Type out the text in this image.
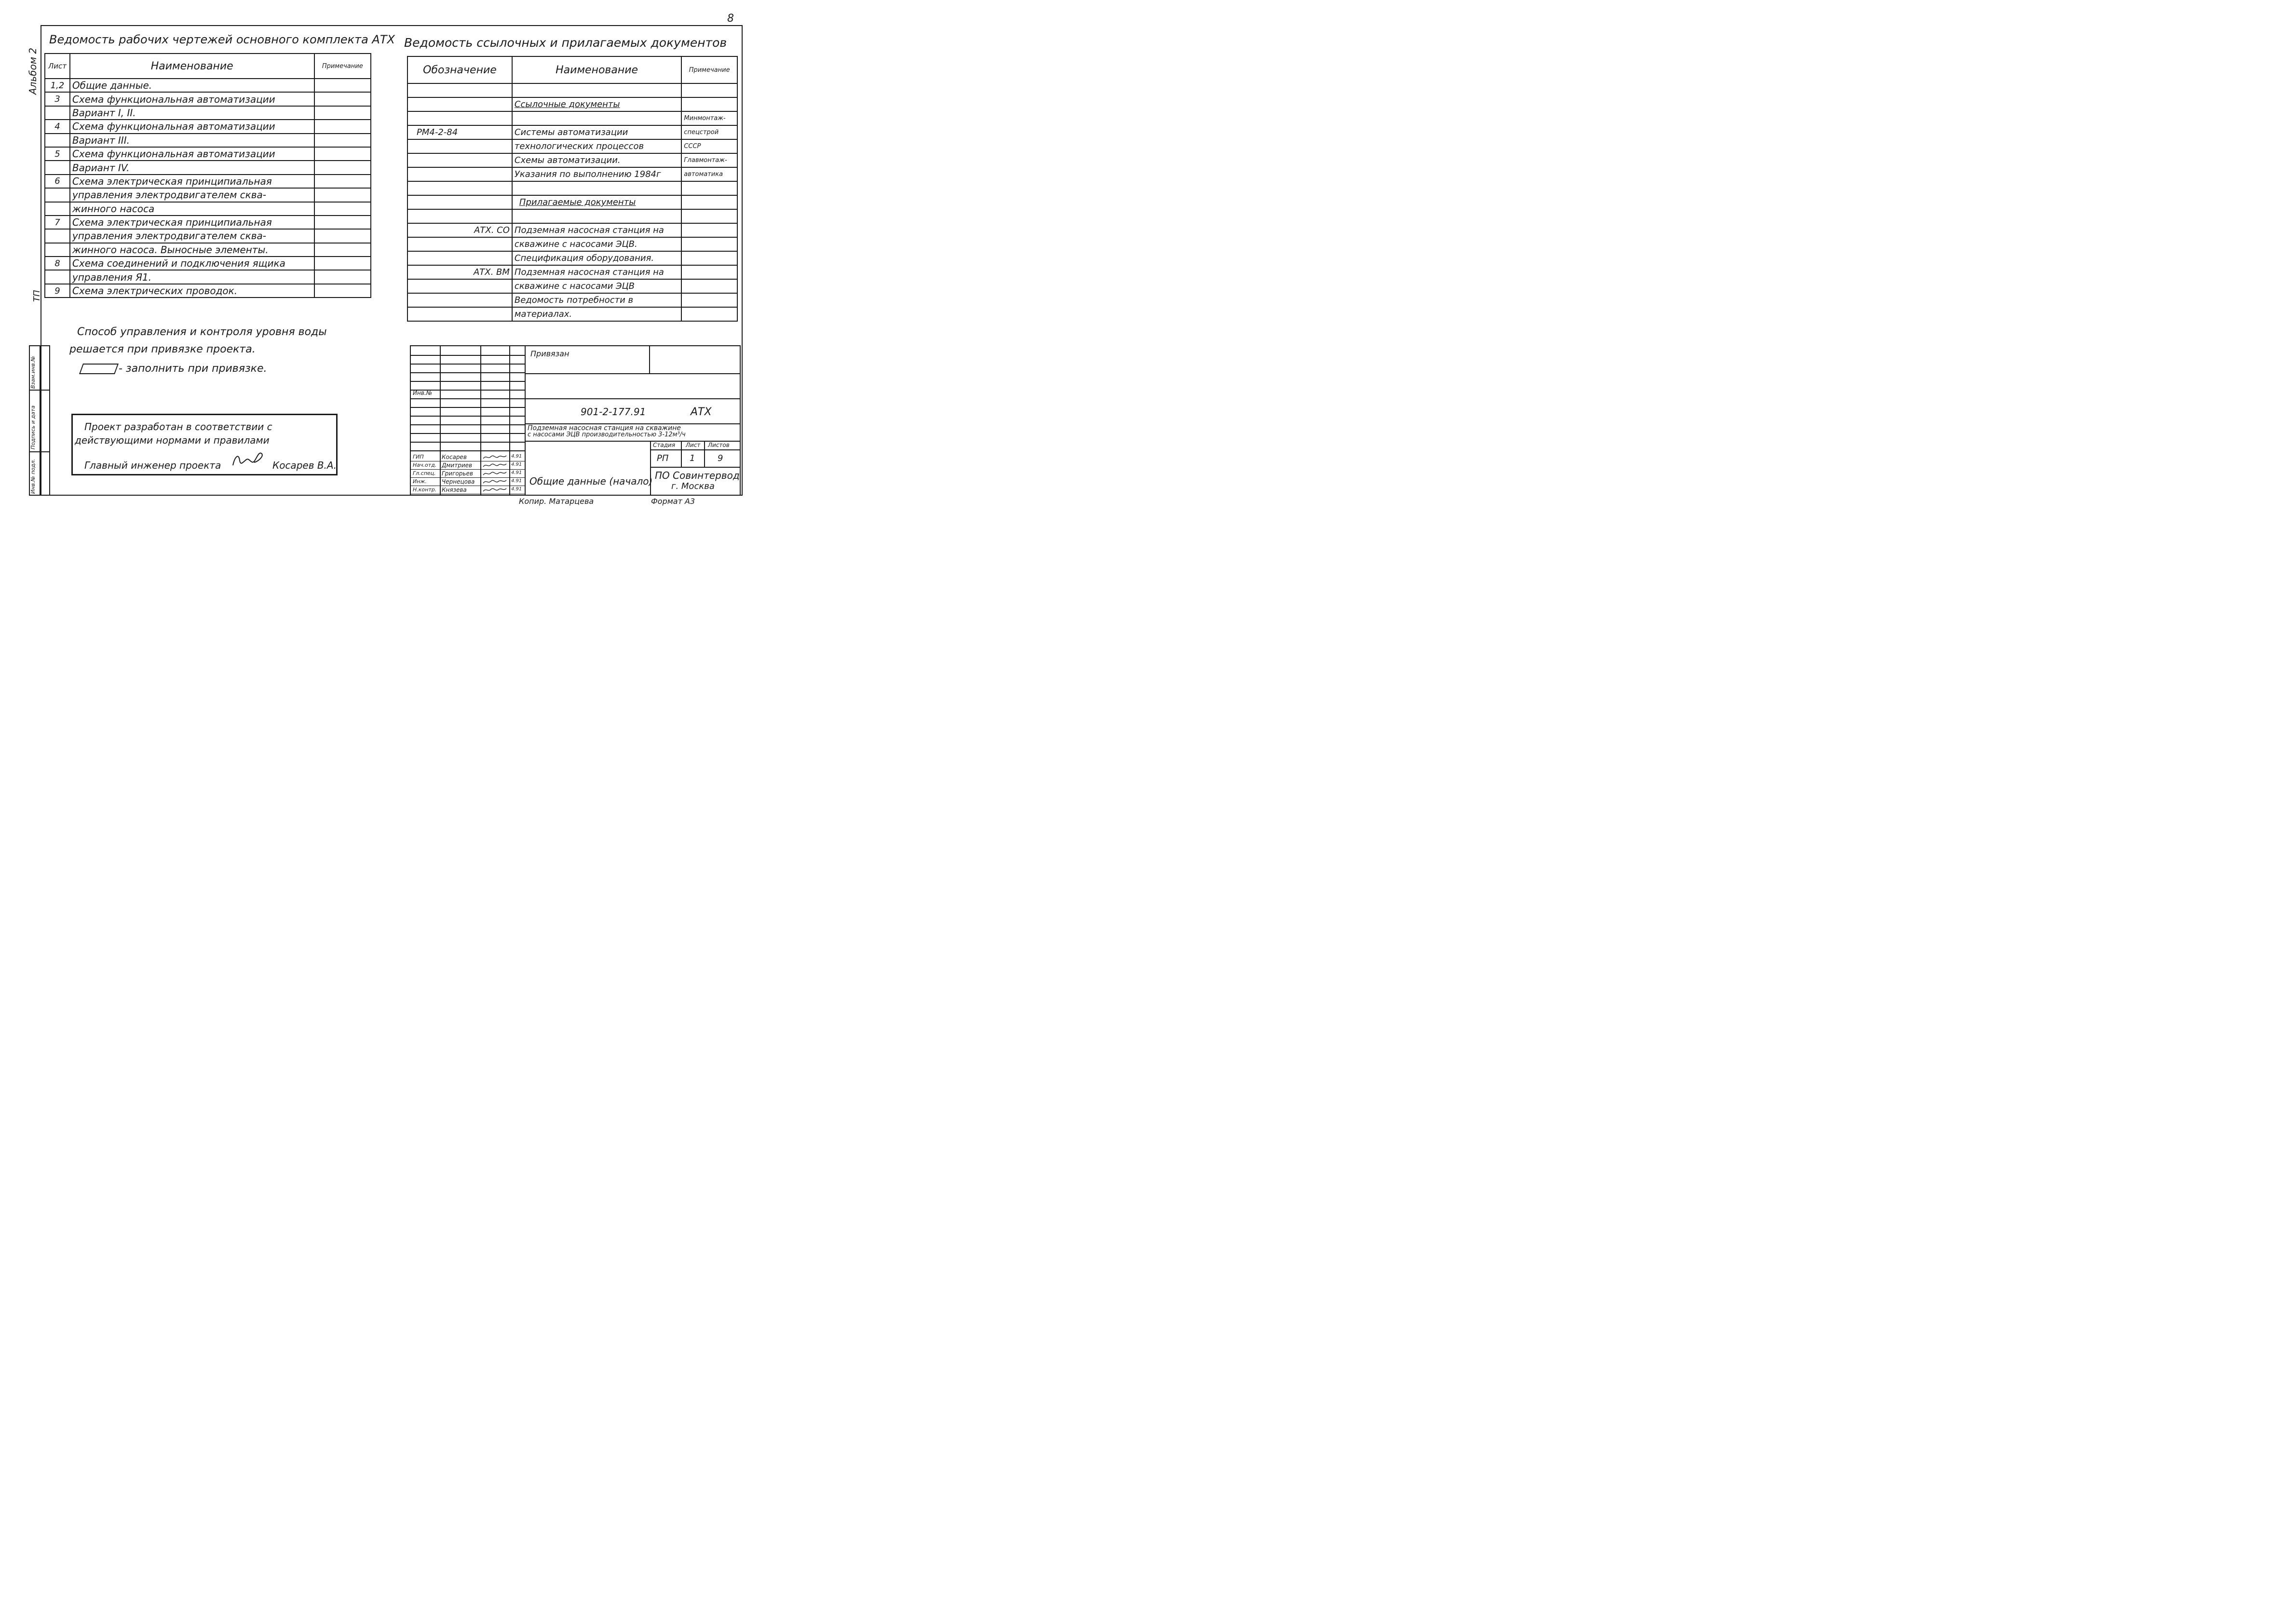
8
Альбом 2
ТП
Взам.инв.№
Подпись и дата
Инв.№ подл.
Ведомость рабочих чертежей основного комплекта АТХ
Лист	Наименование	Примечание
1,2	Общие данные.	
3	Схема функциональная автоматизации	
	Вариант I, II.	
4	Схема функциональная автоматизации	
	Вариант III.	
5	Схема функциональная автоматизации	
	Вариант IV.	
6	Схема электрическая принципиальная	
	управления электродвигателем сква-	
	жинного насоса	
7	Схема электрическая принципиальная	
	управления электродвигателем сква-	
	жинного насоса. Выносные элементы.	
8	Схема соединений и подключения ящика	
	управления Я1.	
9	Схема электрических проводок.	
Ведомость ссылочных и прилагаемых документов
Обозначение	Наименование	Примечание

	Ссылочные документы	
		Минмонтаж-
РМ4-2-84	Системы автоматизации	спецстрой
	технологических процессов	СССР
	Схемы автоматизации.	Главмонтаж-
	Указания по выполнению 1984г	автоматика

	Прилагаемые документы	

АТХ. СО	Подземная насосная станция на	
	скважине с насосами ЭЦВ.	
	Спецификация оборудования.	
АТХ. ВМ	Подземная насосная станция на	
	скважине с насосами ЭЦВ	
	Ведомость потребности в	
	материалах.	
Способ управления и контроля уровня воды
решается при привязке проекта.
- заполнить при привязке.
Проект разработан в соответствии с
действующими нормами и правилами
Главный инженер проекта	Косарев В.А.
ГИП	Косарев	4.91
Нач.отд. Дмитриев	4.91
Гл.спец. Григорьев	4.91
Инж.	Чернецова	4.91
Н.контр. Князева	4.91
Привязан
Инв.№
901-2-177.91	АТХ
Подземная насосная станция на скважине
с насосами ЭЦВ производительностью 3-12м³/ч
Стадия Лист Листов
РП 1	9
Общие данные (начало) ПО Совинтервод
г. Москва
Копир. Матарцева	Формат А3
